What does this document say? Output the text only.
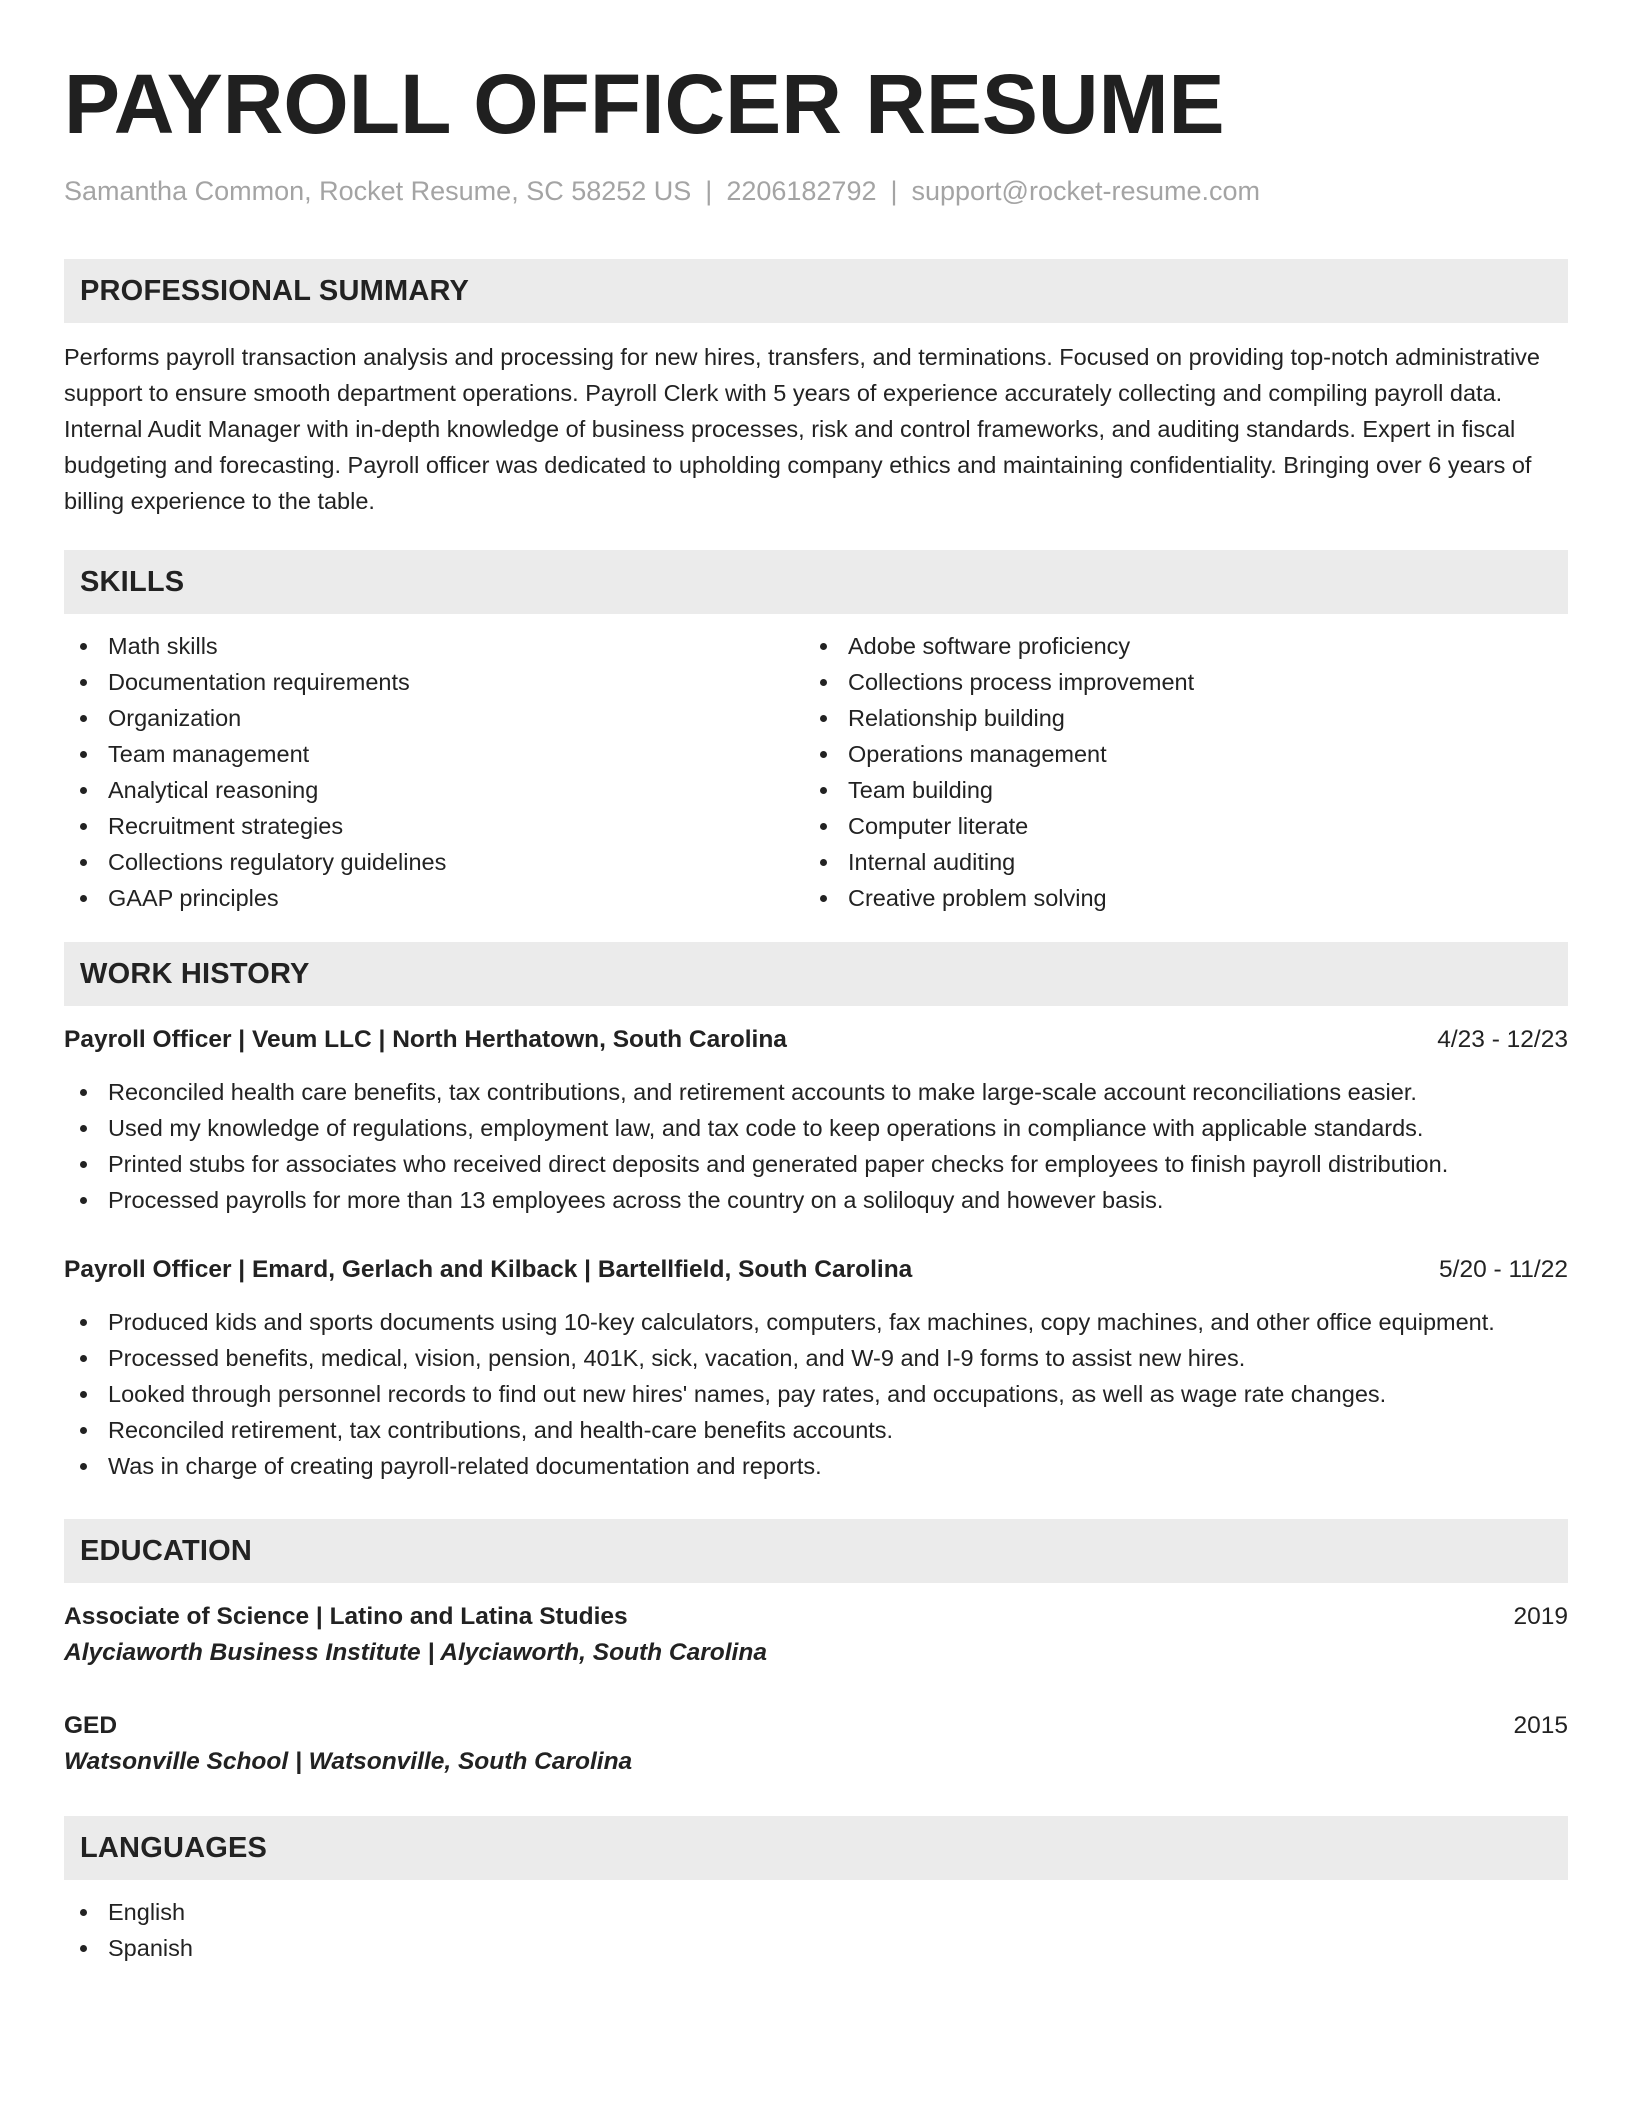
PAYROLL OFFICER RESUME
Samantha Common, Rocket Resume, SC 58252 US | 2206182792 | support@rocket-resume.com
PROFESSIONAL SUMMARY

Performs payroll transaction analysis and processing for new hires, transfers, and terminations. Focused on providing top-notch administrative support to ensure smooth department operations. Payroll Clerk with 5 years of experience accurately collecting and compiling payroll data. Internal Audit Manager with in-depth knowledge of business processes, risk and control frameworks, and auditing standards. Expert in fiscal budgeting and forecasting. Payroll officer was dedicated to upholding company ethics and maintaining confidentiality. Bringing over 6 years of billing experience to the table.

SKILLS
Math skills
Documentation requirements
Organization
Team management
Analytical reasoning
Recruitment strategies
Collections regulatory guidelines
GAAP principles
Adobe software proficiency
Collections process improvement
Relationship building
Operations management
Team building
Computer literate
Internal auditing
Creative problem solving
WORK HISTORY
Payroll Officer | Veum LLC | North Herthatown, South Carolina	4/23 - 12/23
Reconciled health care benefits, tax contributions, and retirement accounts to make large-scale account reconciliations easier.
Used my knowledge of regulations, employment law, and tax code to keep operations in compliance with applicable standards.
Printed stubs for associates who received direct deposits and generated paper checks for employees to finish payroll distribution.
Processed payrolls for more than 13 employees across the country on a soliloquy and however basis.
Payroll Officer | Emard, Gerlach and Kilback | Bartellfield, South Carolina	5/20 - 11/22
Produced kids and sports documents using 10-key calculators, computers, fax machines, copy machines, and other office equipment.
Processed benefits, medical, vision, pension, 401K, sick, vacation, and W-9 and I-9 forms to assist new hires.
Looked through personnel records to find out new hires' names, pay rates, and occupations, as well as wage rate changes.
Reconciled retirement, tax contributions, and health-care benefits accounts.
Was in charge of creating payroll-related documentation and reports.
EDUCATION
Associate of Science | Latino and Latina Studies	2019
Alyciaworth Business Institute | Alyciaworth, South Carolina
GED	2015
Watsonville School | Watsonville, South Carolina
LANGUAGES
English
Spanish
